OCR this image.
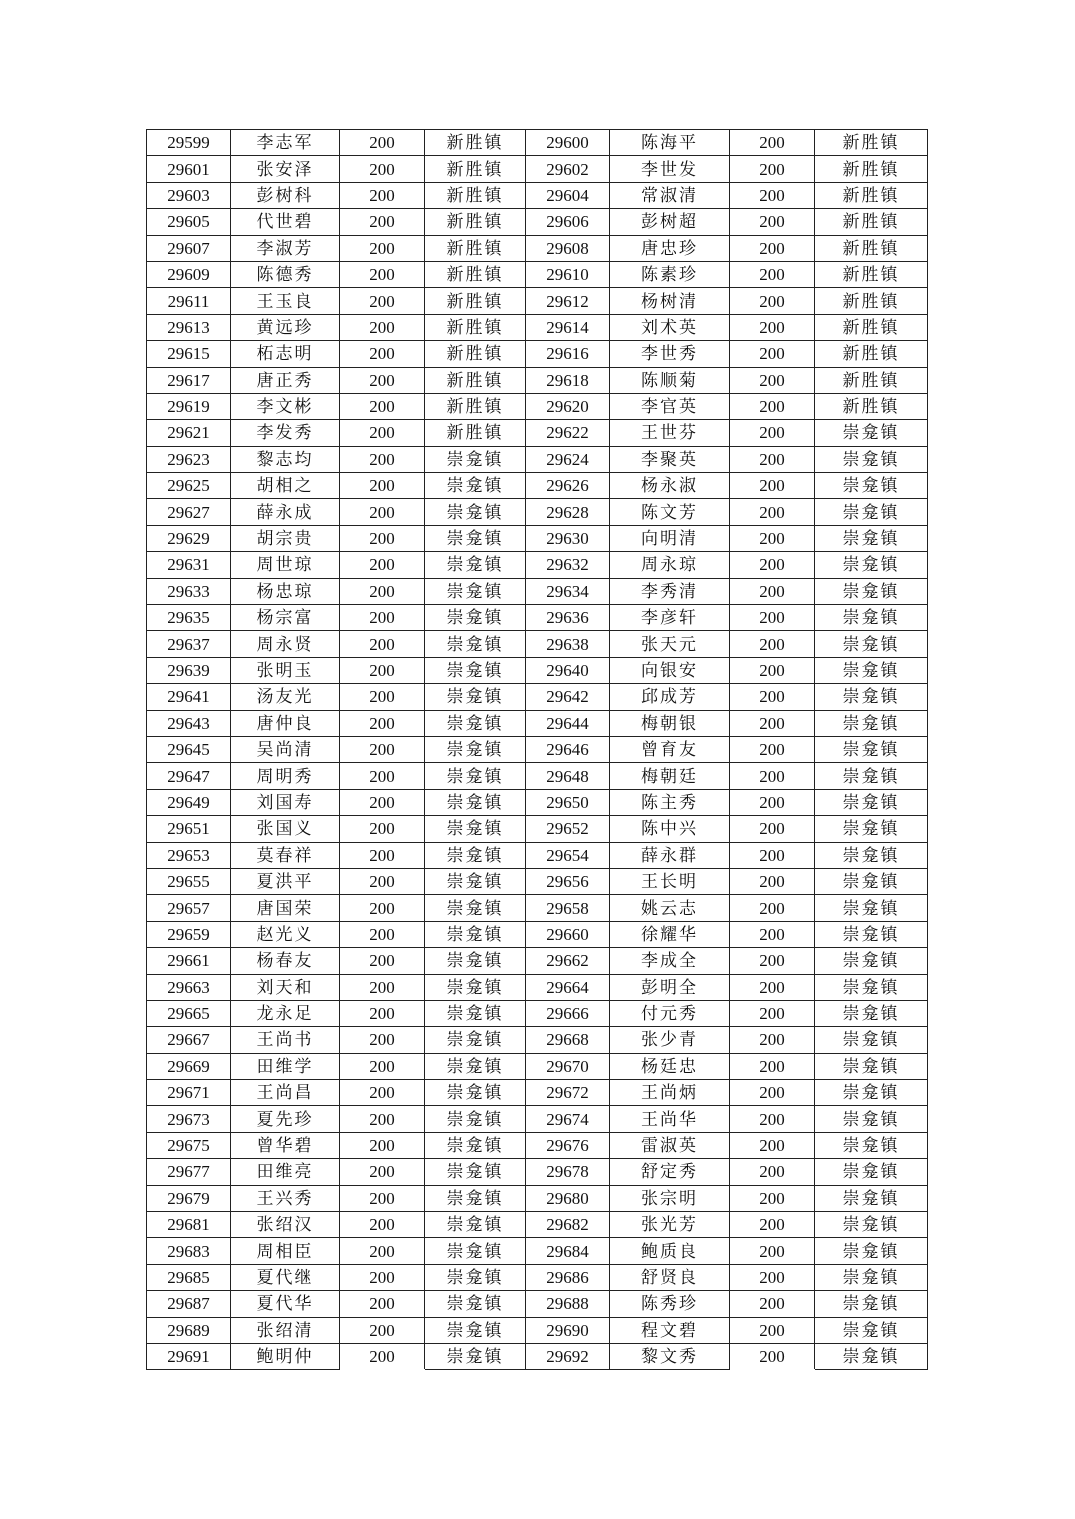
29599	李志军	200	新胜镇	29600	陈海平	200	新胜镇
29601	张安泽	200	新胜镇	29602	李世发	200	新胜镇
29603	彭树科	200	新胜镇	29604	常淑清	200	新胜镇
29605	代世碧	200	新胜镇	29606	彭树超	200	新胜镇
29607	李淑芳	200	新胜镇	29608	唐忠珍	200	新胜镇
29609	陈德秀	200	新胜镇	29610	陈素珍	200	新胜镇
29611	王玉良	200	新胜镇	29612	杨树清	200	新胜镇
29613	黄远珍	200	新胜镇	29614	刘术英	200	新胜镇
29615	柘志明	200	新胜镇	29616	李世秀	200	新胜镇
29617	唐正秀	200	新胜镇	29618	陈顺菊	200	新胜镇
29619	李文彬	200	新胜镇	29620	李官英	200	新胜镇
29621	李发秀	200	新胜镇	29622	王世芬	200	崇龛镇
29623	黎志均	200	崇龛镇	29624	李聚英	200	崇龛镇
29625	胡相之	200	崇龛镇	29626	杨永淑	200	崇龛镇
29627	薛永成	200	崇龛镇	29628	陈文芳	200	崇龛镇
29629	胡宗贵	200	崇龛镇	29630	向明清	200	崇龛镇
29631	周世琼	200	崇龛镇	29632	周永琼	200	崇龛镇
29633	杨忠琼	200	崇龛镇	29634	李秀清	200	崇龛镇
29635	杨宗富	200	崇龛镇	29636	李彦轩	200	崇龛镇
29637	周永贤	200	崇龛镇	29638	张天元	200	崇龛镇
29639	张明玉	200	崇龛镇	29640	向银安	200	崇龛镇
29641	汤友光	200	崇龛镇	29642	邱成芳	200	崇龛镇
29643	唐仲良	200	崇龛镇	29644	梅朝银	200	崇龛镇
29645	吴尚清	200	崇龛镇	29646	曾育友	200	崇龛镇
29647	周明秀	200	崇龛镇	29648	梅朝廷	200	崇龛镇
29649	刘国寿	200	崇龛镇	29650	陈主秀	200	崇龛镇
29651	张国义	200	崇龛镇	29652	陈中兴	200	崇龛镇
29653	莫春祥	200	崇龛镇	29654	薛永群	200	崇龛镇
29655	夏洪平	200	崇龛镇	29656	王长明	200	崇龛镇
29657	唐国荣	200	崇龛镇	29658	姚云志	200	崇龛镇
29659	赵光义	200	崇龛镇	29660	徐耀华	200	崇龛镇
29661	杨春友	200	崇龛镇	29662	李成全	200	崇龛镇
29663	刘天和	200	崇龛镇	29664	彭明全	200	崇龛镇
29665	龙永足	200	崇龛镇	29666	付元秀	200	崇龛镇
29667	王尚书	200	崇龛镇	29668	张少青	200	崇龛镇
29669	田维学	200	崇龛镇	29670	杨廷忠	200	崇龛镇
29671	王尚昌	200	崇龛镇	29672	王尚炳	200	崇龛镇
29673	夏先珍	200	崇龛镇	29674	王尚华	200	崇龛镇
29675	曾华碧	200	崇龛镇	29676	雷淑英	200	崇龛镇
29677	田维亮	200	崇龛镇	29678	舒定秀	200	崇龛镇
29679	王兴秀	200	崇龛镇	29680	张宗明	200	崇龛镇
29681	张绍汉	200	崇龛镇	29682	张光芳	200	崇龛镇
29683	周相臣	200	崇龛镇	29684	鲍质良	200	崇龛镇
29685	夏代继	200	崇龛镇	29686	舒贤良	200	崇龛镇
29687	夏代华	200	崇龛镇	29688	陈秀珍	200	崇龛镇
29689	张绍清	200	崇龛镇	29690	程文碧	200	崇龛镇
29691	鲍明仲	200	崇龛镇	29692	黎文秀	200	崇龛镇
